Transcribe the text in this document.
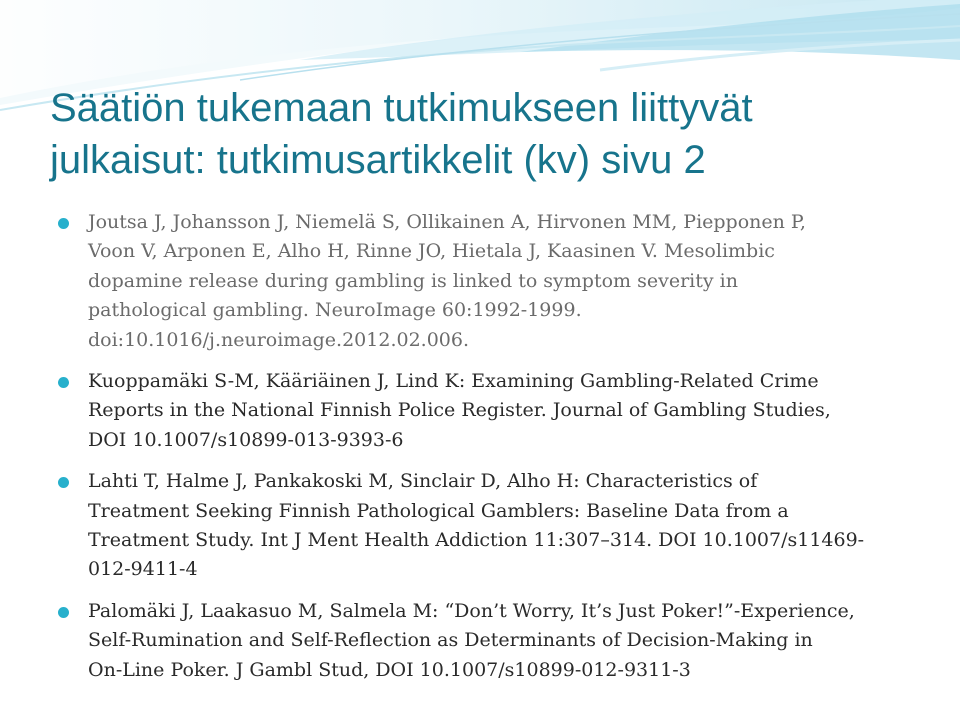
Säätiön tukemaan tutkimukseen liittyvät
julkaisut: tutkimusartikkelit (kv) sivu 2
Joutsa J, Johansson J, Niemelä S, Ollikainen A, Hirvonen MM, Piepponen P,
Voon V, Arponen E, Alho H, Rinne JO, Hietala J, Kaasinen V. Mesolimbic
dopamine release during gambling is linked to symptom severity in
pathological gambling. NeuroImage 60:1992-1999.
doi:10.1016/j.neuroimage.2012.02.006.
Kuoppamäki S-M, Kääriäinen J, Lind K: Examining Gambling-Related Crime
Reports in the National Finnish Police Register. Journal of Gambling Studies,
DOI 10.1007/s10899-013-9393-6
Lahti T, Halme J, Pankakoski M, Sinclair D, Alho H: Characteristics of
Treatment Seeking Finnish Pathological Gamblers: Baseline Data from a
Treatment Study. Int J Ment Health Addiction 11:307–314. DOI 10.1007/s11469-
012-9411-4
Palomäki J, Laakasuo M, Salmela M: “Don’t Worry, It’s Just Poker!”-Experience,
Self-Rumination and Self-Reflection as Determinants of Decision-Making in
On-Line Poker. J Gambl Stud, DOI 10.1007/s10899-012-9311-3
